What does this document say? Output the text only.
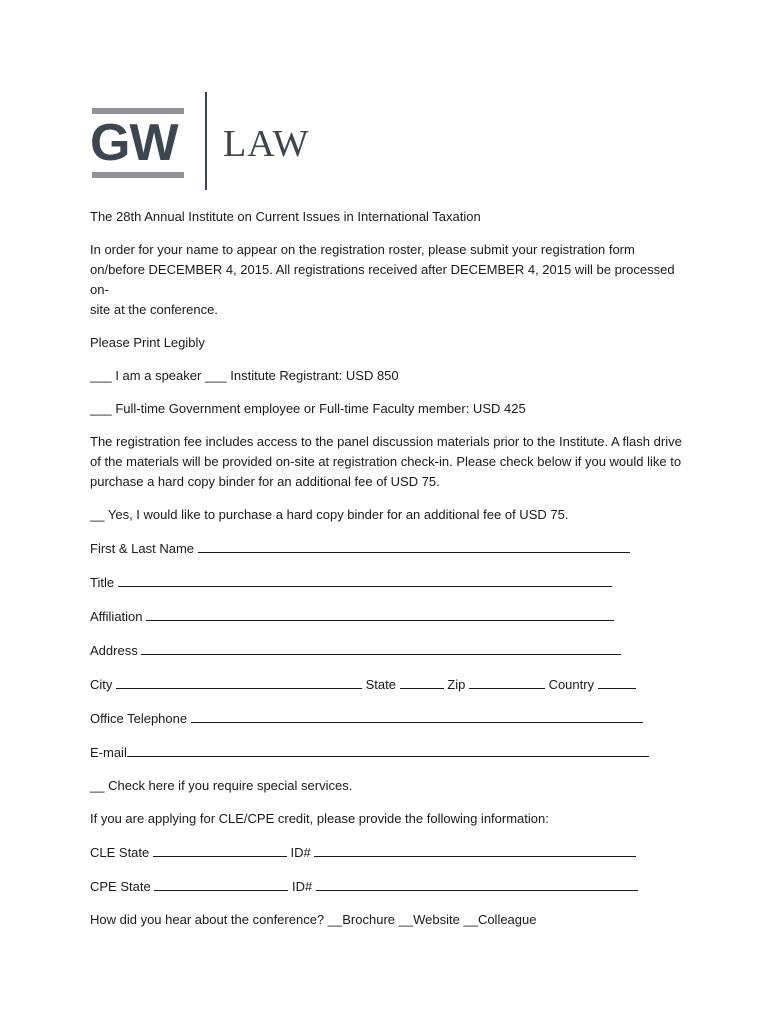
GW LAW

The 28th Annual Institute on Current Issues in International Taxation

In order for your name to appear on the registration roster, please submit your registration form
on/before DECEMBER 4, 2015. All registrations received after DECEMBER 4, 2015 will be processed on-
site at the conference.

Please Print Legibly

___ I am a speaker ___ Institute Registrant: USD 850

___ Full-time Government employee or Full-time Faculty member: USD 425

The registration fee includes access to the panel discussion materials prior to the Institute. A flash drive
of the materials will be provided on-site at registration check-in. Please check below if you would like to
purchase a hard copy binder for an additional fee of USD 75.

__ Yes, I would like to purchase a hard copy binder for an additional fee of USD 75.

First & Last Name

Title

Affiliation

Address

City	State	Zip	Country

Office Telephone

E-mail

__ Check here if you require special services.

If you are applying for CLE/CPE credit, please provide the following information:

CLE State	ID#

CPE State	ID#

How did you hear about the conference? __Brochure __Website __Colleague
